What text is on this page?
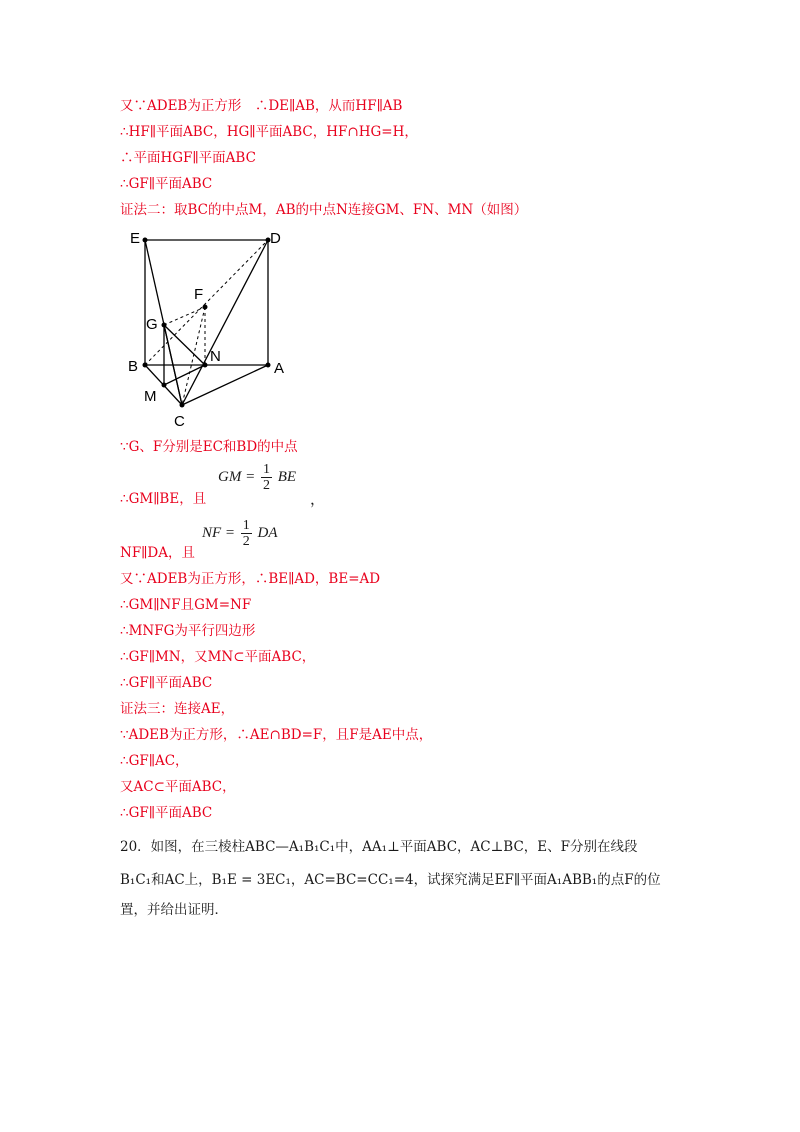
又∵ADEB为正方形　∴DE∥AB，从而HF∥AB
∴HF∥平面ABC，HG∥平面ABC，HF∩HG=H，
∴平面HGF∥平面ABC
∴GF∥平面ABC
证法二：取BC的中点M，AB的中点N连接GM、FN、MN（如图）
E	D
F
G
B
N
A
M
C
∵G、F分别是EC和BD的中点
GM = $\frac{1}{2}$ BE
∴GM∥BE，且	，
NF = $\frac{1}{2}$ DA
NF∥DA，且
又∵ADEB为正方形，∴BE∥AD，BE=AD
∴GM∥NF且GM=NF
∴MNFG为平行四边形
∴GF∥MN，又MN⊂平面ABC，
∴GF∥平面ABC
证法三：连接AE，
∵ADEB为正方形，∴AE∩BD=F，且F是AE中点，
∴GF∥AC，
又AC⊂平面ABC，
∴GF∥平面ABC
20．如图，在三棱柱ABC—A₁B₁C₁中，AA₁⊥平面ABC，AC⊥BC，E、F分别在线段
B₁C₁和AC上，B₁E = 3EC₁，AC=BC=CC₁=4，试探究满足EF∥平面A₁ABB₁的点F的位
置，并给出证明．
